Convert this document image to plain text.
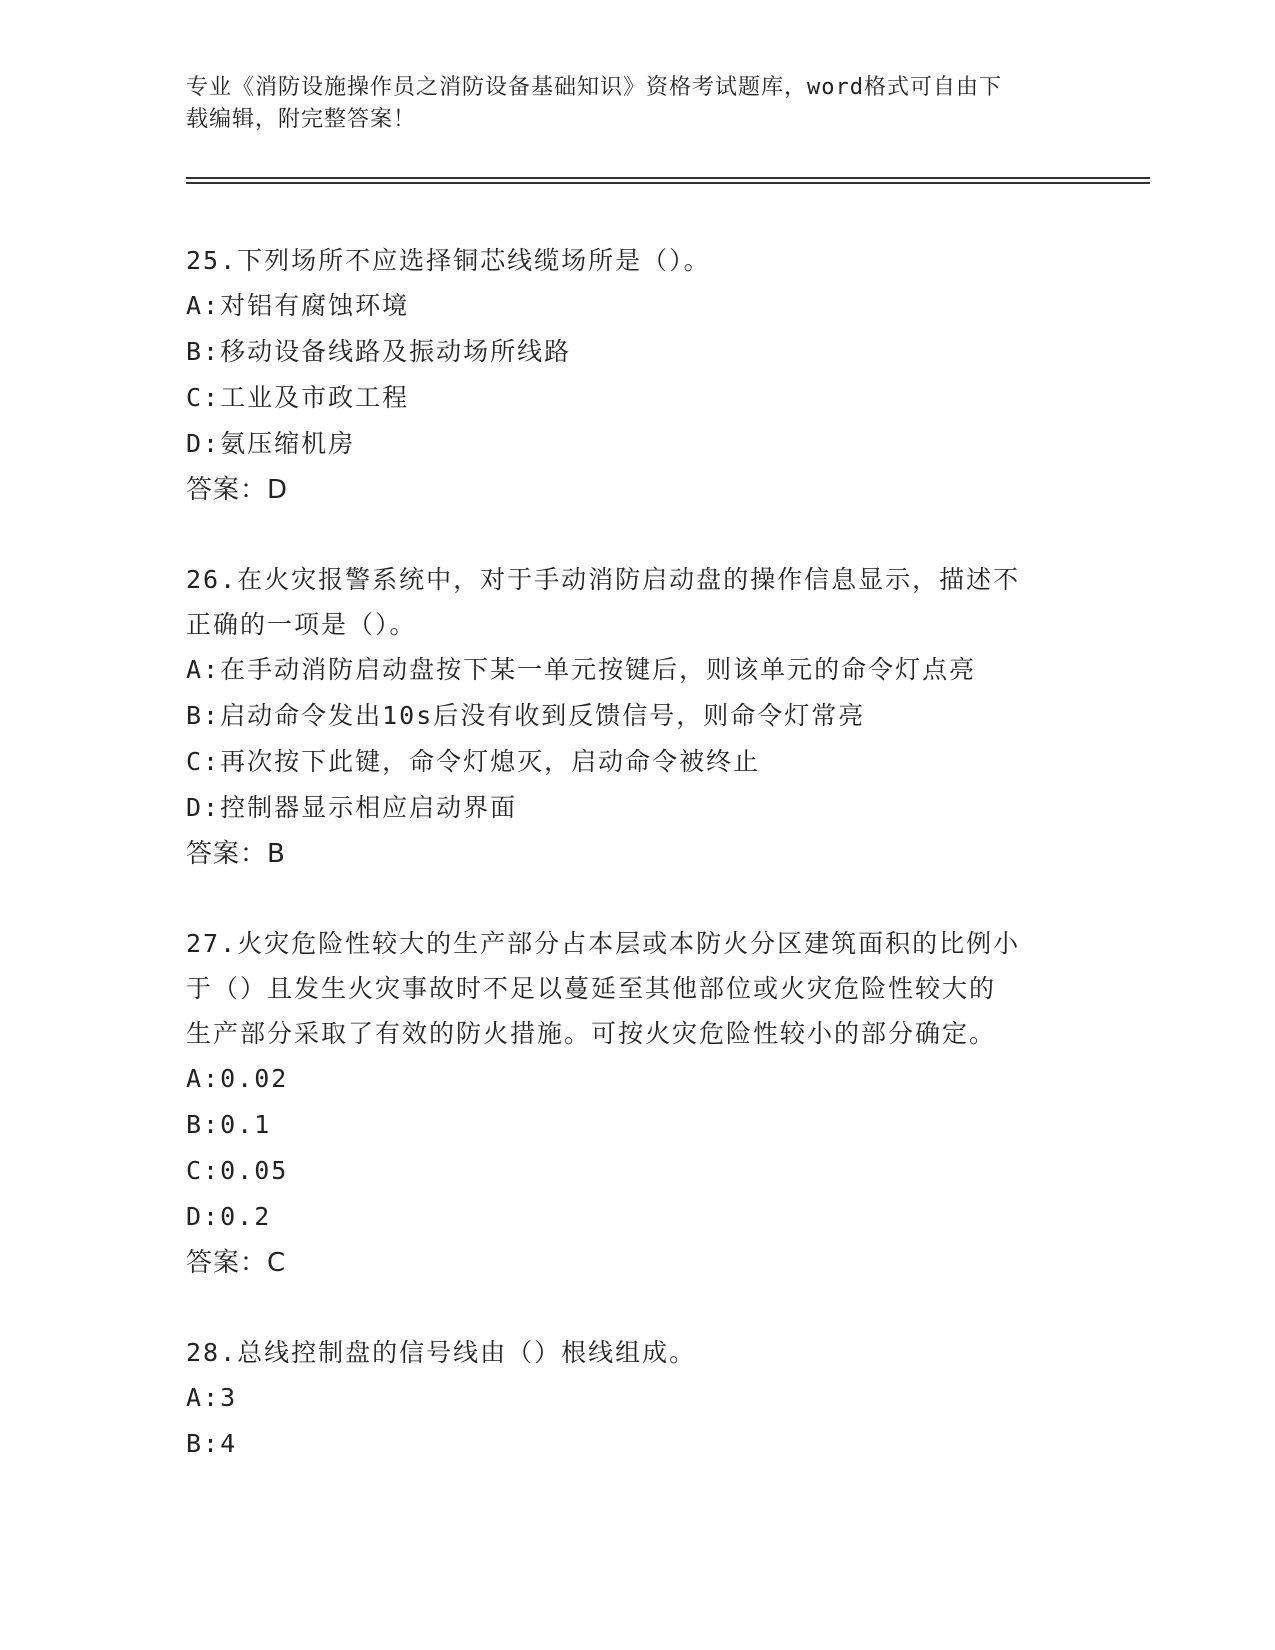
专业《消防设施操作员之消防设备基础知识》资格考试题库，word格式可自由下
载编辑，附完整答案！

25.下列场所不应选择铜芯线缆场所是（）。

A:对铝有腐蚀环境
B:移动设备线路及振动场所线路
C:工业及市政工程
D:氨压缩机房
答案：D

26.在火灾报警系统中，对于手动消防启动盘的操作信息显示，描述不
正确的一项是（）。

A:在手动消防启动盘按下某一单元按键后，则该单元的命令灯点亮
B:启动命令发出10s后没有收到反馈信号，则命令灯常亮
C:再次按下此键，命令灯熄灭，启动命令被终止
D:控制器显示相应启动界面
答案：B

27.火灾危险性较大的生产部分占本层或本防火分区建筑面积的比例小
于（）且发生火灾事故时不足以蔓延至其他部位或火灾危险性较大的
生产部分采取了有效的防火措施。可按火灾危险性较小的部分确定。

A:0.02
B:0.1
C:0.05
D:0.2
答案：C

28.总线控制盘的信号线由（）根线组成。

A:3
B:4
